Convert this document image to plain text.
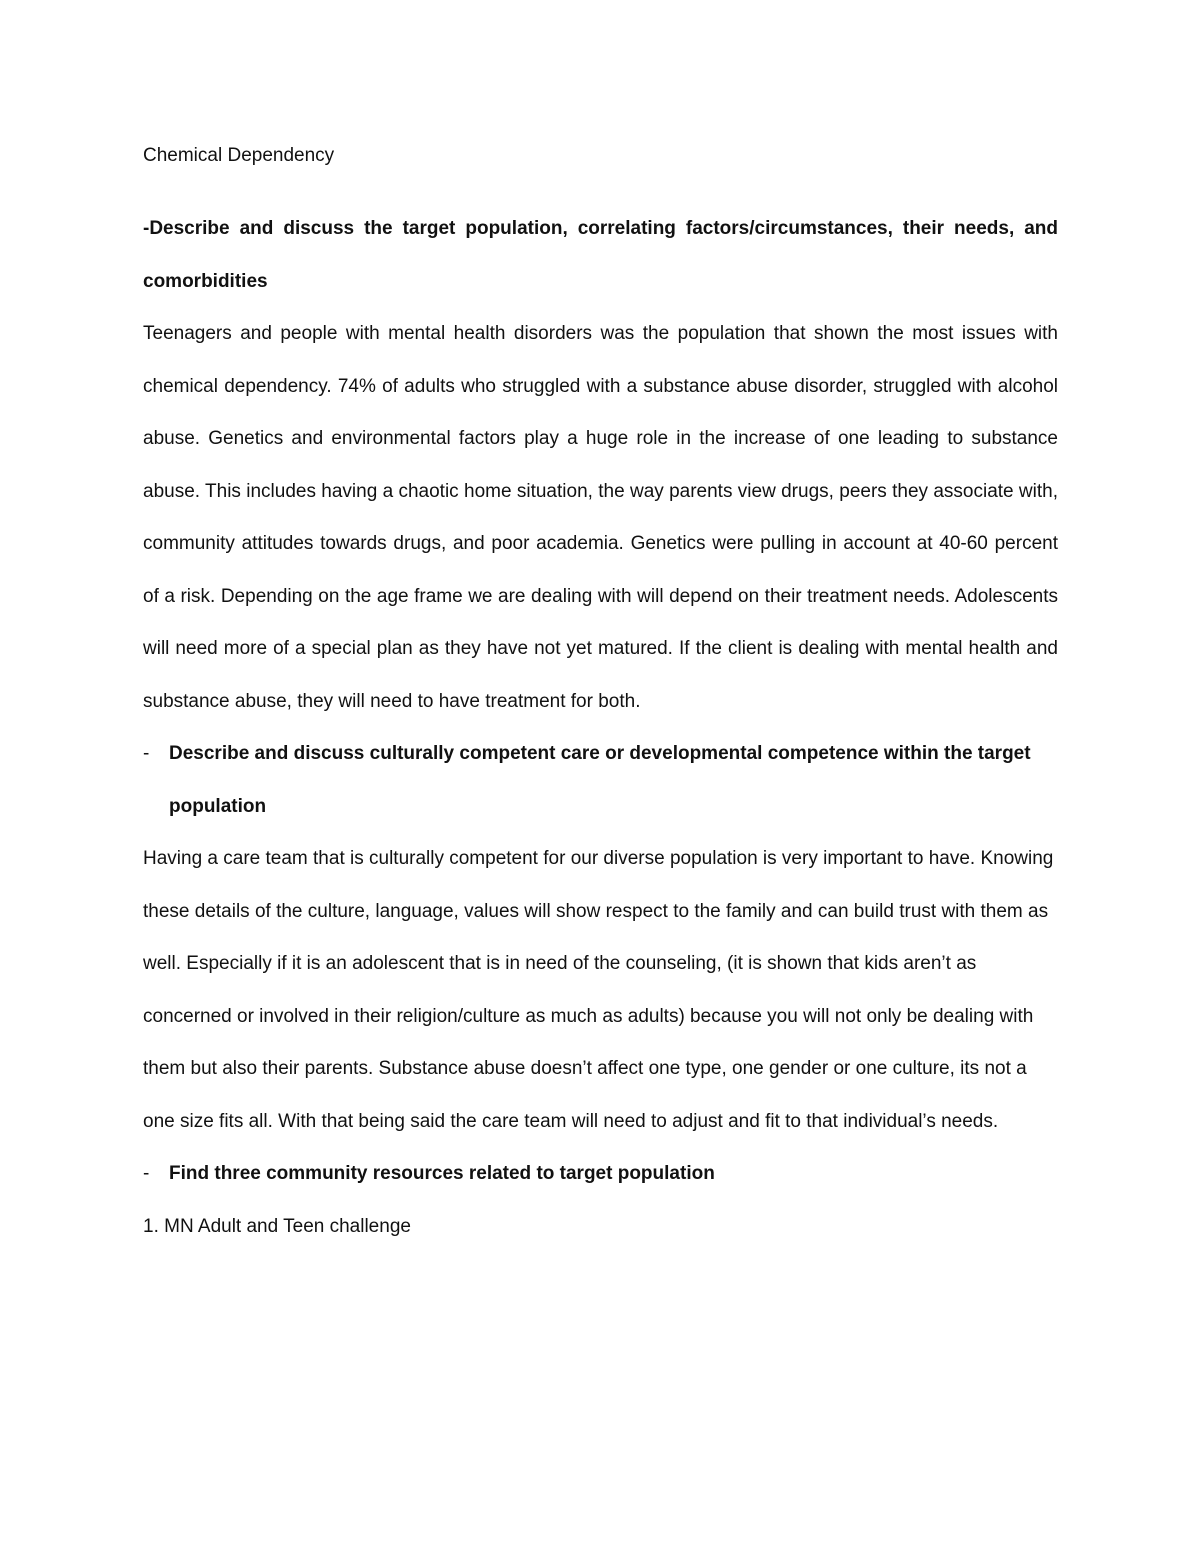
Chemical Dependency
-Describe and discuss the target population, correlating factors/circumstances, their needs, and comorbidities
Teenagers and people with mental health disorders was the population that shown the most issues with chemical dependency. 74% of adults who struggled with a substance abuse disorder, struggled with alcohol abuse. Genetics and environmental factors play a huge role in the increase of one leading to substance abuse. This includes having a chaotic home situation, the way parents view drugs, peers they associate with, community attitudes towards drugs, and poor academia. Genetics were pulling in account at 40-60 percent of a risk. Depending on the age frame we are dealing with will depend on their treatment needs. Adolescents will need more of a special plan as they have not yet matured. If the client is dealing with mental health and substance abuse, they will need to have treatment for both.
-	Describe and discuss culturally competent care or developmental competence within the target population
Having a care team that is culturally competent for our diverse population is very important to have. Knowing these details of the culture, language, values will show respect to the family and can build trust with them as well. Especially if it is an adolescent that is in need of the counseling, (it is shown that kids aren’t as concerned or involved in their religion/culture as much as adults) because you will not only be dealing with them but also their parents. Substance abuse doesn’t affect one type, one gender or one culture, its not a one size fits all. With that being said the care team will need to adjust and fit to that individual’s needs.
-	Find three community resources related to target population
1. MN Adult and Teen challenge
